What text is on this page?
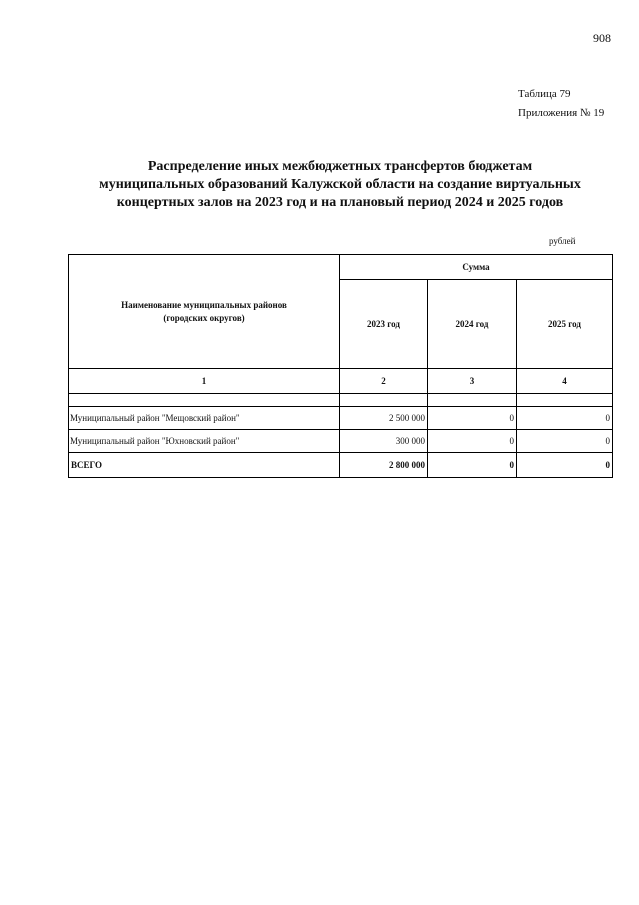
908
Таблица 79
Приложения № 19
Распределение иных межбюджетных трансфертов бюджетам
муниципальных образований Калужской области на создание виртуальных
концертных залов на 2023 год и на плановый период 2024 и 2025 годов
рублей
Наименование муниципальных районов
(городских округов)	Сумма		
	2023 год	2024 год	2025 год
1	2	3	4

Муниципальный район "Мещовский район"	2 500 000	0	0
Муниципальный район "Юхновский район"	300 000	0	0
ВСЕГО	2 800 000	0	0
